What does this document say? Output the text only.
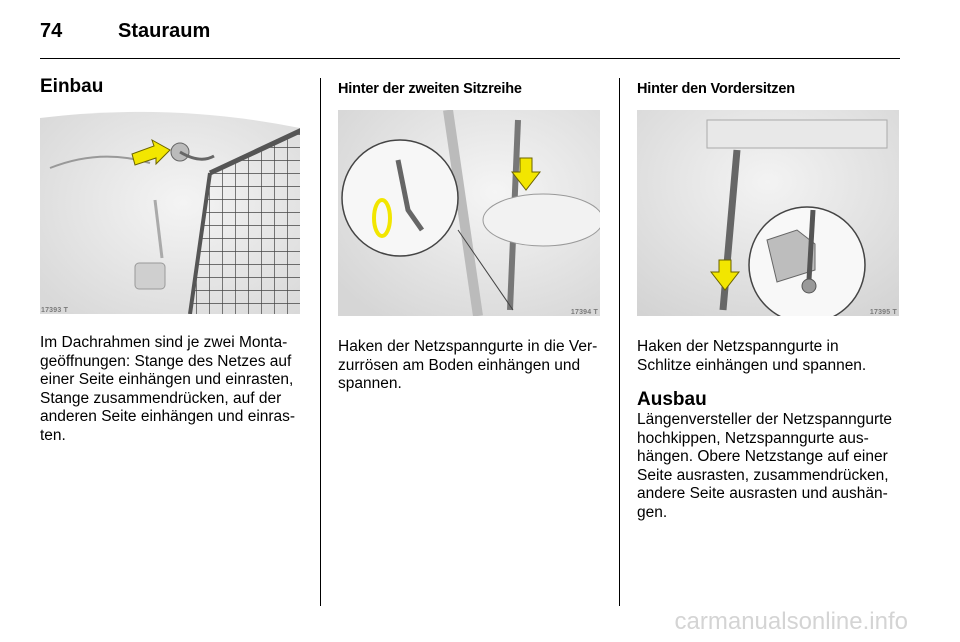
74	Stauraum
Einbau
17393 T

Im Dachrahmen sind je zwei Monta-
geöffnungen: Stange des Netzes auf
einer Seite einhängen und einrasten,
Stange zusammendrücken, auf der
anderen Seite einhängen und einras-
ten.

Hinter der zweiten Sitzreihe
17394 T

Haken der Netzspanngurte in die Ver-
zurrösen am Boden einhängen und
spannen.

Hinter den Vordersitzen
17395 T

Haken der Netzspanngurte in
Schlitze einhängen und spannen.

Ausbau

Längenversteller der Netzspanngurte
hochkippen, Netzspanngurte aus-
hängen. Obere Netzstange auf einer
Seite ausrasten, zusammendrücken,
andere Seite ausrasten und aushän-
gen.

carmanualsonline.info
